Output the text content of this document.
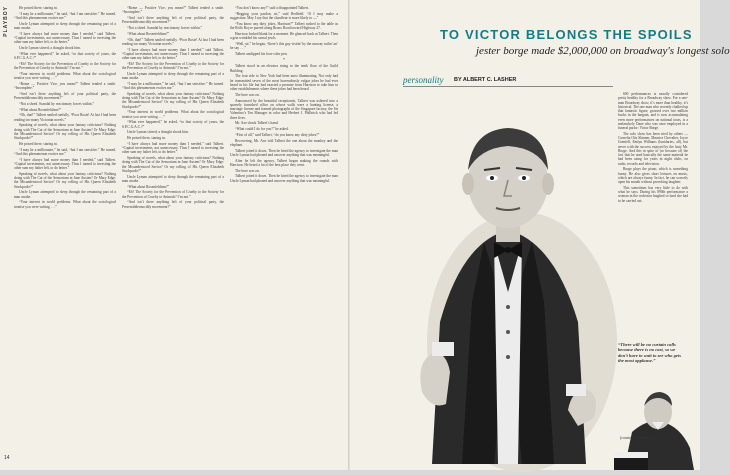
PLAYBOY	He poised there, staring in.

“I may be a millionaire,” he said, “but I am sensitive.” He turned. “And this phenomenon excites me.”

Uncle Lyman attempted to sleep through the remaining part of a man awake.

“I have always had more money than I needed,” said Talbert. “Capital investments, not unnecessary. Thus I turned to investing the other sum my father left, to do better.”

Uncle Lyman stirred; a thought shook him.

“What ever happened,” he asked, “to that society of yours, the S.P.C.G.A.C.?”

“Eh? The Society for the Prevention of Cruelty to the Society for the Prevention of Cruelty to Animals? I’m not.”

“Your interest in world problems. What about the sociological treatise you were writing . . .”

“Rome — Positive Vice, you mean?” Talbert tended a smile. “Incomplete.”

“And isn’t there anything left of your political party, the Presentiddeonocibly movement?”

“Not a shred. Scandal by reactionary forces within.”

“What about Rosenfeldism?”

“Oh, that!” Talbert smiled ruefully. “Poor Rosie! At last I had been reading too many Victorian novels.”

Speaking of novels, what about your fantasy criticisms? Nothing doing with The Cat of the Sensorium in Jane Austen? Or Mary Edge: the Misunderstood Savior? Or my rolling of His Queen Elizabeth Stackpoole?”

He poised there, staring in.

“I may be a millionaire,” he said, “but I am sensitive.” He turned. “And this phenomenon excites me.”

“I have always had more money than I needed,” said Talbert. “Capital investments, not unnecessary. Thus I turned to investing the other sum my father left, to do better.”

Speaking of novels, what about your fantasy criticisms? Nothing doing with The Cat of the Sensorium in Jane Austen? Or Mary Edge: the Misunderstood Savior? Or my rolling of His Queen Elizabeth Stackpoole?”

Uncle Lyman attempted to sleep through the remaining part of a man awake.

“Your interest in world problems. What about the sociological treatise you were writing . . .”

“Rome — Positive Vice, you mean?” Talbert tended a smile. “Incomplete.”

“And isn’t there anything left of your political party, the Presentiddeonocibly movement?”

“Not a shred. Scandal by reactionary forces within.”

“What about Rosenfeldism?”

“Oh, that!” Talbert smiled ruefully. “Poor Rosie! At last I had been reading too many Victorian novels.”

“I have always had more money than I needed,” said Talbert. “Capital investments, not unnecessary. Thus I turned to investing the other sum my father left, to do better.”

“Eh? The Society for the Prevention of Cruelty to the Society for the Prevention of Cruelty to Animals? I’m not.”

Uncle Lyman attempted to sleep through the remaining part of a man awake.

“I may be a millionaire,” he said, “but I am sensitive.” He turned. “And this phenomenon excites me.”

Speaking of novels, what about your fantasy criticisms? Nothing doing with The Cat of the Sensorium in Jane Austen? Or Mary Edge: the Misunderstood Savior? Or my rolling of His Queen Elizabeth Stackpoole?”

“Your interest in world problems. What about the sociological treatise you were writing . . .”

“What ever happened,” he asked, “to that society of yours, the S.P.C.G.A.C.?”

Uncle Lyman stirred; a thought shook him.

He poised there, staring in.

“I have always had more money than I needed,” said Talbert. “Capital investments, not unnecessary. Thus I turned to investing the other sum my father left, to do better.”

Speaking of novels, what about your fantasy criticisms? Nothing doing with The Cat of the Sensorium in Jane Austen? Or Mary Edge: the Misunderstood Savior? Or my rolling of His Queen Elizabeth Stackpoole?”

Uncle Lyman attempted to sleep through the remaining part of a man awake.

“What about Rosenfeldism?”

“Eh? The Society for the Prevention of Cruelty to the Society for the Prevention of Cruelty to Animals? I’m not.”

“And isn’t there anything left of your political party, the Presentiddeonocibly movement?”

“You don’t know any!” said a disappointed Talbert.

“Begging your pardon, sir,” said Redfield. “If I may make a suggestion. May I say that the chauffeur is more likely to —”

“You know any dirty jokes, Harrison?” Talbert rushed to the table as the Rolls Royce purred along Bronx Road toward Highway 27.

Harrison looked blank for a moment. He glanced back at Talbert. Then a grin wrinkled his carnal jowls.

“Well, sir,” he began, “there’s this guy visitin’ by the runway railin’ an’ he say . . .”

Talbert unslipped his four-color pen.

*

Talbert stood in an elevator rising to the tenth floor of the Guild Building.

The four ride to New York had been most illuminating. Not only had he transmitted seven of the most horrendously vulgar jokes he had ever heard in his life but had exacted a promise from Harrison to take him to other establishments where these jokes had been heard.

The bore was on.

Announced by the beautiful receptionist, Talbert was ushered into a sparsely furnished office on whose walls were a hunting license, a marriage license and framed photographs of the Singapore factory, the Sir Valentino’s Ten Manager in color and Herbert J. Philbrick who had led three lives.

Mr. Axe shook Talbert’s hand.

“What could I do for you?” he asked.

“First of all,” said Talbert, “do you know any dirty jokes?”

Recovering, Mr. Axe told Talbert the one about the monkey and the elephant.

Talbert jotted it down. Then he hired the agency to investigate the man Uncle Lyman had phoned and uncover anything that was meaningful.

After he left the agency, Talbert began making the rounds with Harrison. He heard a lot of the best place they went.

The bore was on.

Talbert jotted it down. Then he hired the agency to investigate the man Uncle Lyman had phoned and uncover anything that was meaningful.

14
TO VICTOR BELONGS THE SPOILS
jester borge made $2,000,000 on broadway's longest solo
personality BY ALBERT C. LASHER

600 performances is usually considered pretty healthy for a Broadway show. For a one-man Broadway show, it’s more than healthy, it’s historical. The one man who recently chalked up that fantastic figure, grossed over two million bucks in the bargain, and is now accumulating even more performances on national tours, is a melancholy Dane who was once employed in a funeral parlor: Victor Borge.

The solo show has been tried by others — Cornelia Otis Skinner, Maurice Chevalier, Joyce Grenfell, Emlyn Williams (lunidaries, all), but never with the success enjoyed by the lusty Mr. Borge. And this in spite of (or because of) the fact that he used basically the same material he had been using for years in night clubs, on radio, records and television.

Borge plays the piano, which is something funny. He also gives short lectures on music, which are always funny. In fact, he can scarcely open his mouth without provoking laughter.

This sometimes has very little to do with what he says. During his 890th performance a woman in the orchestra laughed so hard she had to be carried out.

“There will be no curtain calls because there is no cast, so we don’t have to wait to see who gets the most applause.”
(continued on page 26)
